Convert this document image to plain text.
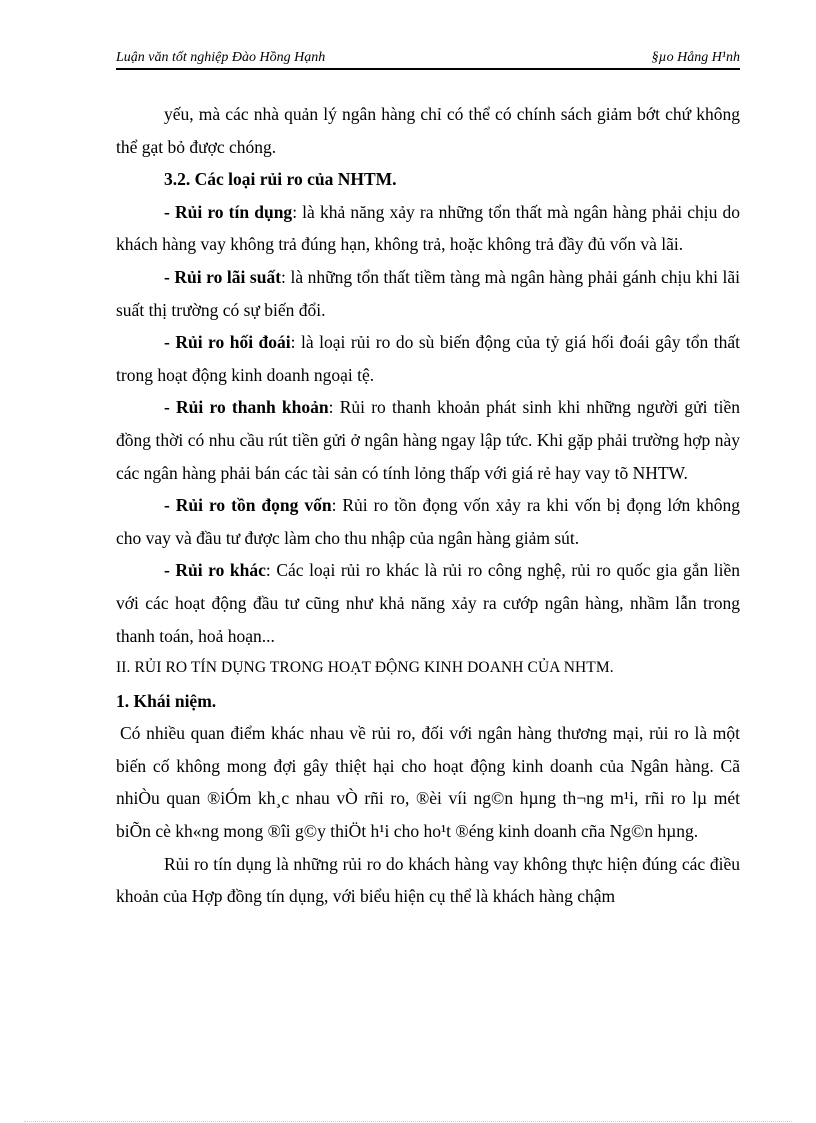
Luận văn tốt nghiệp Đào Hồng Hạnh	§µo Hång H¹nh

yếu, mà các nhà quản lý ngân hàng chỉ có thể có chính sách giảm bớt chứ không thể gạt bỏ được chóng.

3.2. Các loại rủi ro của NHTM.

- Rủi ro tín dụng: là khả năng xảy ra những tổn thất mà ngân hàng phải chịu do khách hàng vay không trả đúng hạn, không trả, hoặc không trả đầy đủ vốn và lãi.

- Rủi ro lãi suất: là những tổn thất tiềm tàng mà ngân hàng phải gánh chịu khi lãi suất thị trường có sự biến đổi.

- Rủi ro hối đoái: là loại rủi ro do sù biến động của tỷ giá hối đoái gây tổn thất trong hoạt động kinh doanh ngoại tệ.

- Rủi ro thanh khoản: Rủi ro thanh khoản phát sinh khi những người gửi tiền đồng thời có nhu cầu rút tiền gửi ở ngân hàng ngay lập tức. Khi gặp phải trường hợp này các ngân hàng phải bán các tài sản có tính lỏng thấp với giá rẻ hay vay tõ NHTW.

- Rủi ro tồn đọng vốn: Rủi ro tồn đọng vốn xảy ra khi vốn bị đọng lớn không cho vay và đầu tư được làm cho thu nhập của ngân hàng giảm sút.

- Rủi ro khác: Các loại rủi ro khác là rủi ro công nghệ, rủi ro quốc gia gắn liền với các hoạt động đầu tư cũng như khả năng xảy ra cướp ngân hàng, nhầm lẫn trong thanh toán, hoả hoạn...

II. RỦI RO TÍN DỤNG TRONG HOẠT ĐỘNG KINH DOANH CỦA NHTM.

1. Khái niệm.

Có nhiều quan điểm khác nhau về rủi ro, đối với ngân hàng thương mại, rủi ro là một biến cố không mong đợi gây thiệt hại cho hoạt động kinh doanh của Ngân hàng. Cã nhiÒu quan ®iÓm kh¸c nhau vÒ rñi ro, ®èi víi ng©n hµng th¬ng m¹i, rñi ro lµ mét biÕn cè kh«ng mong ®îi g©y thiÖt h¹i cho ho¹t ®éng kinh doanh cña Ng©n hµng.

Rủi ro tín dụng là những rủi ro do khách hàng vay không thực hiện đúng các điều khoản của Hợp đồng tín dụng, với biểu hiện cụ thể là khách hàng chậm
